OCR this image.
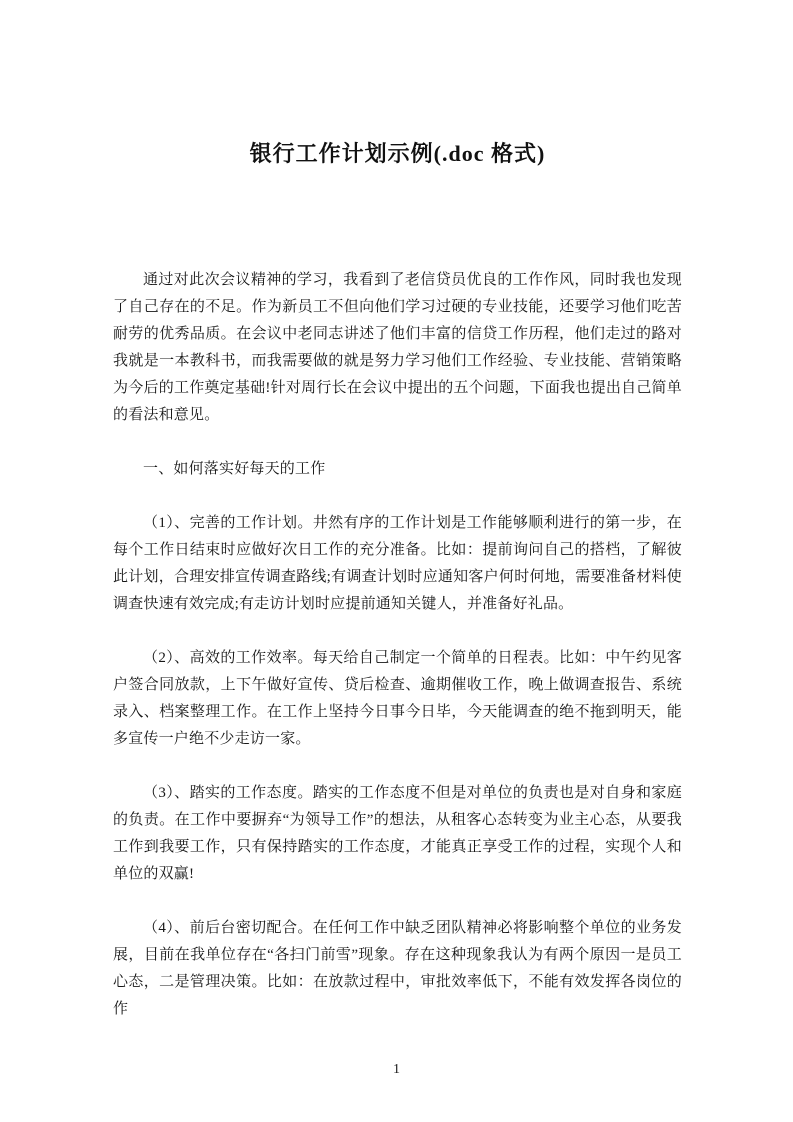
银行工作计划示例(.doc 格式)

通过对此次会议精神的学习，我看到了老信贷员优良的工作作风，同时我也发现了自己存在的不足。作为新员工不但向他们学习过硬的专业技能，还要学习他们吃苦耐劳的优秀品质。在会议中老同志讲述了他们丰富的信贷工作历程，他们走过的路对我就是一本教科书，而我需要做的就是努力学习他们工作经验、专业技能、营销策略为今后的工作奠定基础!针对周行长在会议中提出的五个问题，下面我也提出自己简单的看法和意见。

一、如何落实好每天的工作

（1）、完善的工作计划。井然有序的工作计划是工作能够顺利进行的第一步，在每个工作日结束时应做好次日工作的充分准备。比如：提前询问自己的搭档，了解彼此计划，合理安排宣传调查路线;有调查计划时应通知客户何时何地，需要准备材料使调查快速有效完成;有走访计划时应提前通知关键人，并准备好礼品。

（2）、高效的工作效率。每天给自己制定一个简单的日程表。比如：中午约见客户签合同放款，上下午做好宣传、贷后检查、逾期催收工作，晚上做调查报告、系统录入、档案整理工作。在工作上坚持今日事今日毕，今天能调查的绝不拖到明天，能多宣传一户绝不少走访一家。

（3）、踏实的工作态度。踏实的工作态度不但是对单位的负责也是对自身和家庭的负责。在工作中要摒弃“为领导工作”的想法，从租客心态转变为业主心态，从要我工作到我要工作，只有保持踏实的工作态度，才能真正享受工作的过程，实现个人和单位的双赢!

（4）、前后台密切配合。在任何工作中缺乏团队精神必将影响整个单位的业务发展，目前在我单位存在“各扫门前雪”现象。存在这种现象我认为有两个原因一是员工心态，二是管理决策。比如：在放款过程中，审批效率低下，不能有效发挥各岗位的作

1
